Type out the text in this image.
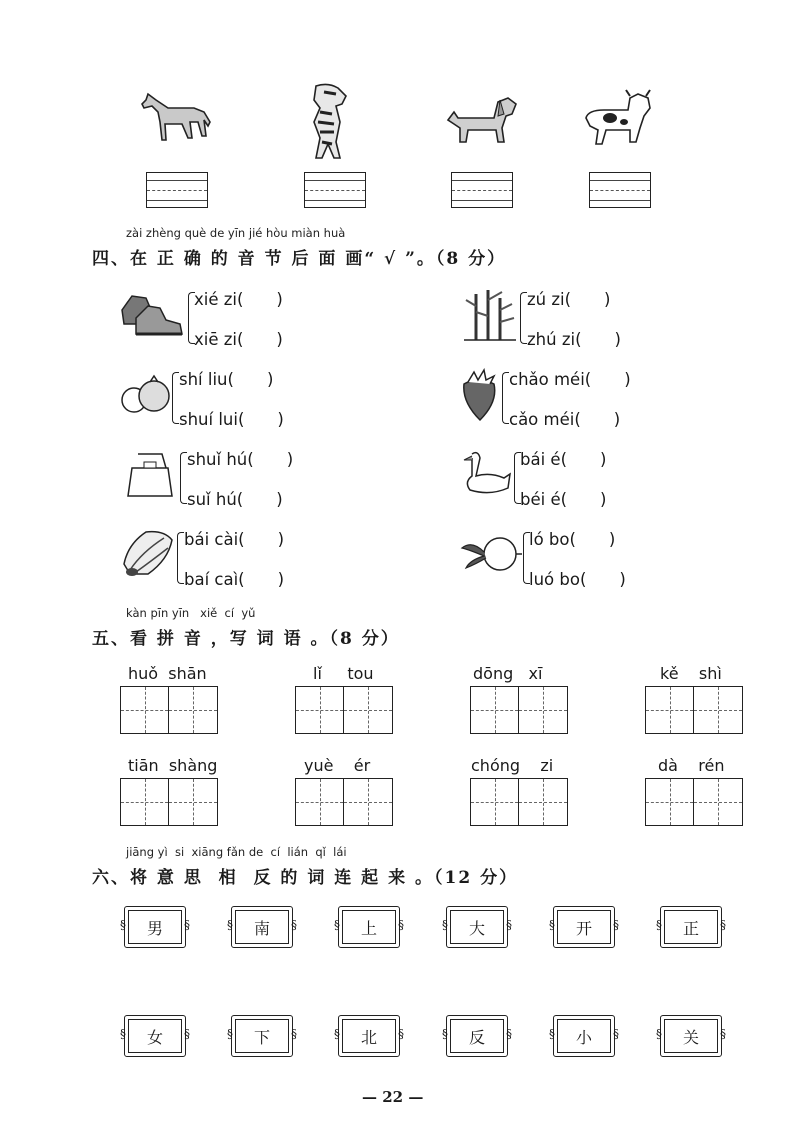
zài zhèng què de yīn jié hòu miàn huà
四、在 正 确 的 音 节 后 面 画“ √ ”。（8 分）
xié zi(　　)
xiē zi(　　)
zú zi(　　)
zhú zi(　　)
shí liu(　　)
shuí lui(　　)
chǎo méi(　　)
cǎo méi(　　)
shuǐ hú(　　)
suǐ hú(　　)
bái é(　　)
béi é(　　)
bái cài(　　)
baí caì(　　)
ló bo(　　)
luó bo(　　)
kàn pīn yīn   xiě  cí  yǔ
五、看 拼 音 ，写 词 语 。（8 分）
huǒ  shān	lǐ     tou	dōng   xī	kě    shì
tiān  shàng	yuè    ér	chóng    zi	dà    rén
jiāng yì  si  xiāng fǎn de  cí  lián  qǐ  lái
六、将 意 思  相  反 的 词 连 起 来 。（12 分）
§ 男 §	§ 南 §	§ 上 §	§ 大 §	§ 开 §	§ 正 §
§ 女 §	§ 下 §	§ 北 §	§ 反 §	§ 小 §	§ 关 §
— 22 —
